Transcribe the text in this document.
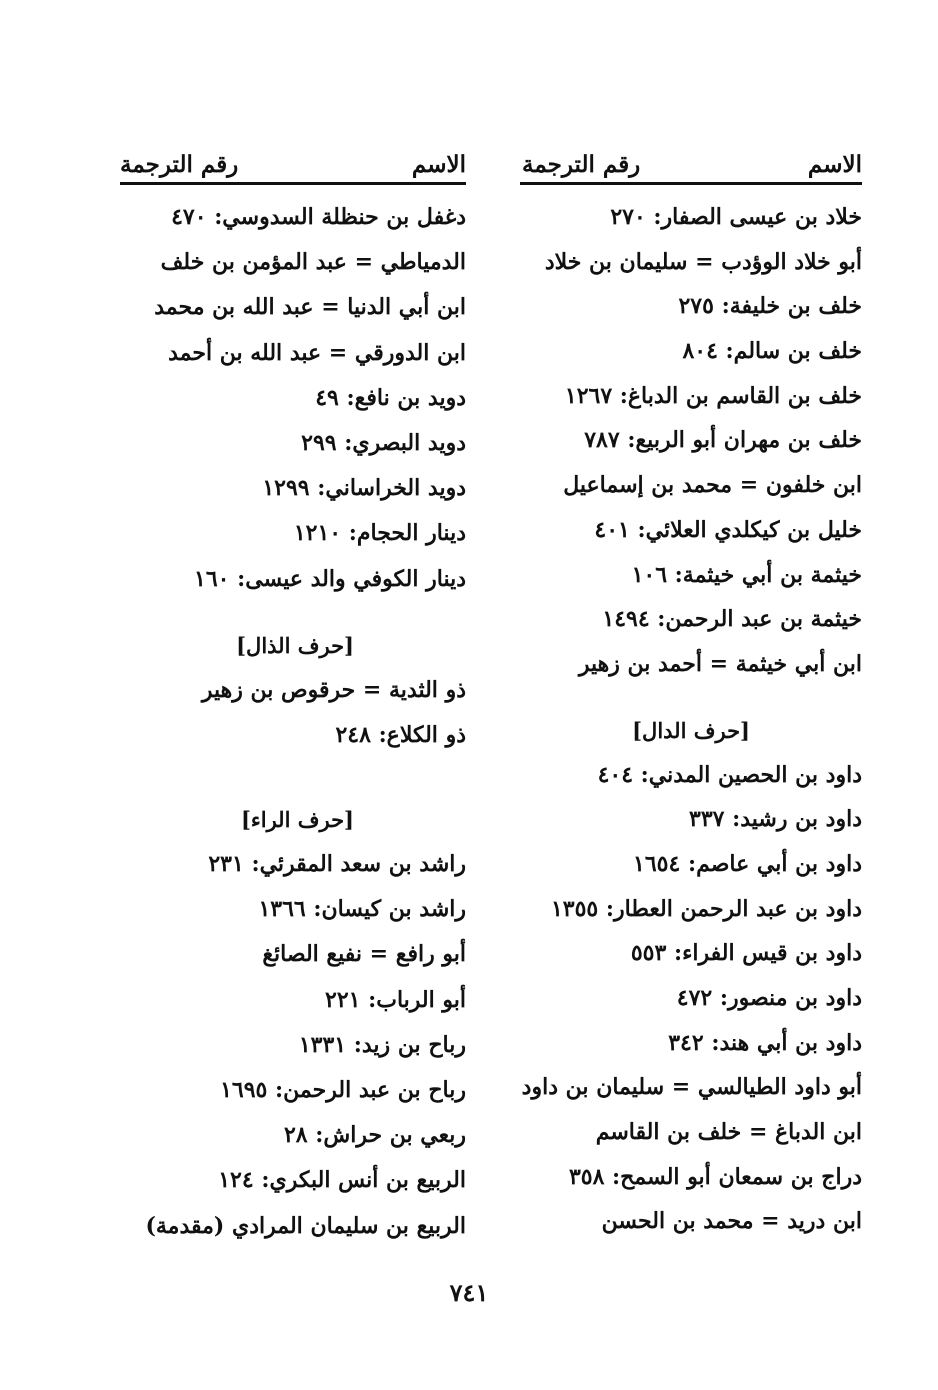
الاسم
رقم الترجمة
خلاد بن عيسى الصفار: ٢٧٠
أبو خلاد الوؤدب = سليمان بن خلاد
خلف بن خليفة: ٢٧٥
خلف بن سالم: ٨٠٤
خلف بن القاسم بن الدباغ: ١٢٦٧
خلف بن مهران أبو الربيع: ٧٨٧
ابن خلفون = محمد بن إسماعيل
خليل بن كيكلدي العلائي: ٤٠١
خيثمة بن أبي خيثمة: ١٠٦
خيثمة بن عبد الرحمن: ١٤٩٤
ابن أبي خيثمة = أحمد بن زهير
[حرف الدال]
داود بن الحصين المدني: ٤٠٤
داود بن رشيد: ٣٣٧
داود بن أبي عاصم: ١٦٥٤
داود بن عبد الرحمن العطار: ١٣٥٥
داود بن قيس الفراء: ٥٥٣
داود بن منصور: ٤٧٢
داود بن أبي هند: ٣٤٢
أبو داود الطيالسي = سليمان بن داود
ابن الدباغ = خلف بن القاسم
دراج بن سمعان أبو السمح: ٣٥٨
ابن دريد = محمد بن الحسن
الاسم
رقم الترجمة
دغفل بن حنظلة السدوسي: ٤٧٠
الدمياطي = عبد المؤمن بن خلف
ابن أبي الدنيا = عبد الله بن محمد
ابن الدورقي = عبد الله بن أحمد
دويد بن نافع: ٤٩
دويد البصري: ٢٩٩
دويد الخراساني: ١٢٩٩
دينار الحجام: ١٢١٠
دينار الكوفي والد عيسى: ١٦٠
[حرف الذال]
ذو الثدية = حرقوص بن زهير
ذو الكلاع: ٢٤٨
[حرف الراء]
راشد بن سعد المقرئي: ٢٣١
راشد بن كيسان: ١٣٦٦
أبو رافع = نفيع الصائغ
أبو الرباب: ٢٢١
رباح بن زيد: ١٣٣١
رباح بن عبد الرحمن: ١٦٩٥
ربعي بن حراش: ٢٨
الربيع بن أنس البكري: ١٢٤
الربيع بن سليمان المرادي (مقدمة)
٧٤١
